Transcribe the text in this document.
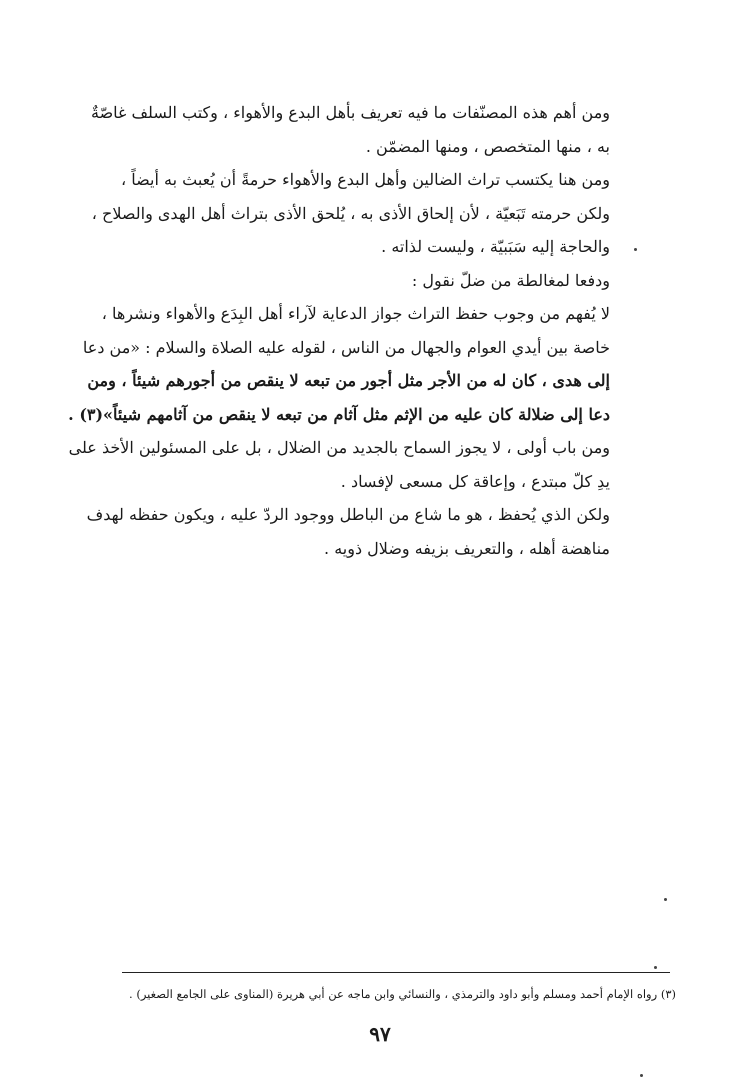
ومن أهم هذه المصنّفات ما فيه تعريف بأهل البدع والأهواء ، وكتب السلف غاصّةٌ
به ، منها المتخصص ، ومنها المضمّن .

ومن هنا يكتسب تراث الضالين وأهل البدع والأهواء حرمةً أن يُعبث به أيضاً ،
ولكن حرمته تَبَعيّة ، لأن إلحاق الأذى به ، يُلحق الأذى بتراث أهل الهدى والصلاح ،
والحاجة إليه سَبَبيّة ، وليست لذاته .

ودفعا لمغالطة من ضلّ نقول :

لا يُفهم من وجوب حفظ التراث جواز الدعاية لآراء أهل البِدَع والأهواء ونشرها ،
خاصة بين أيدي العوام والجهال من الناس ، لقوله عليه الصلاة والسلام : «من دعا
إلى هدى ، كان له من الأجر مثل أجور من تبعه لا ينقص من أجورهم شيئاً ، ومن
دعا إلى ضلالة كان عليه من الإثم مثل آثام من تبعه لا ينقص من آثامهم شيئاً»(٣) .

ومن باب أولى ، لا يجوز السماح بالجديد من الضلال ، بل على المسئولين الأخذ على
يدِ كلّ مبتدع ، وإعاقة كل مسعى لإفساد .

ولكن الذي يُحفظ ، هو ما شاع من الباطل ووجود الردّ عليه ، ويكون حفظه لهدف
مناهضة أهله ، والتعريف بزيفه وضلال ذويه .

(٣) رواه الإمام أحمد ومسلم وأبو داود والترمذي ، والنسائي وابن ماجه عن أبي هريرة (المناوى على الجامع الصغير) .
٩٧
